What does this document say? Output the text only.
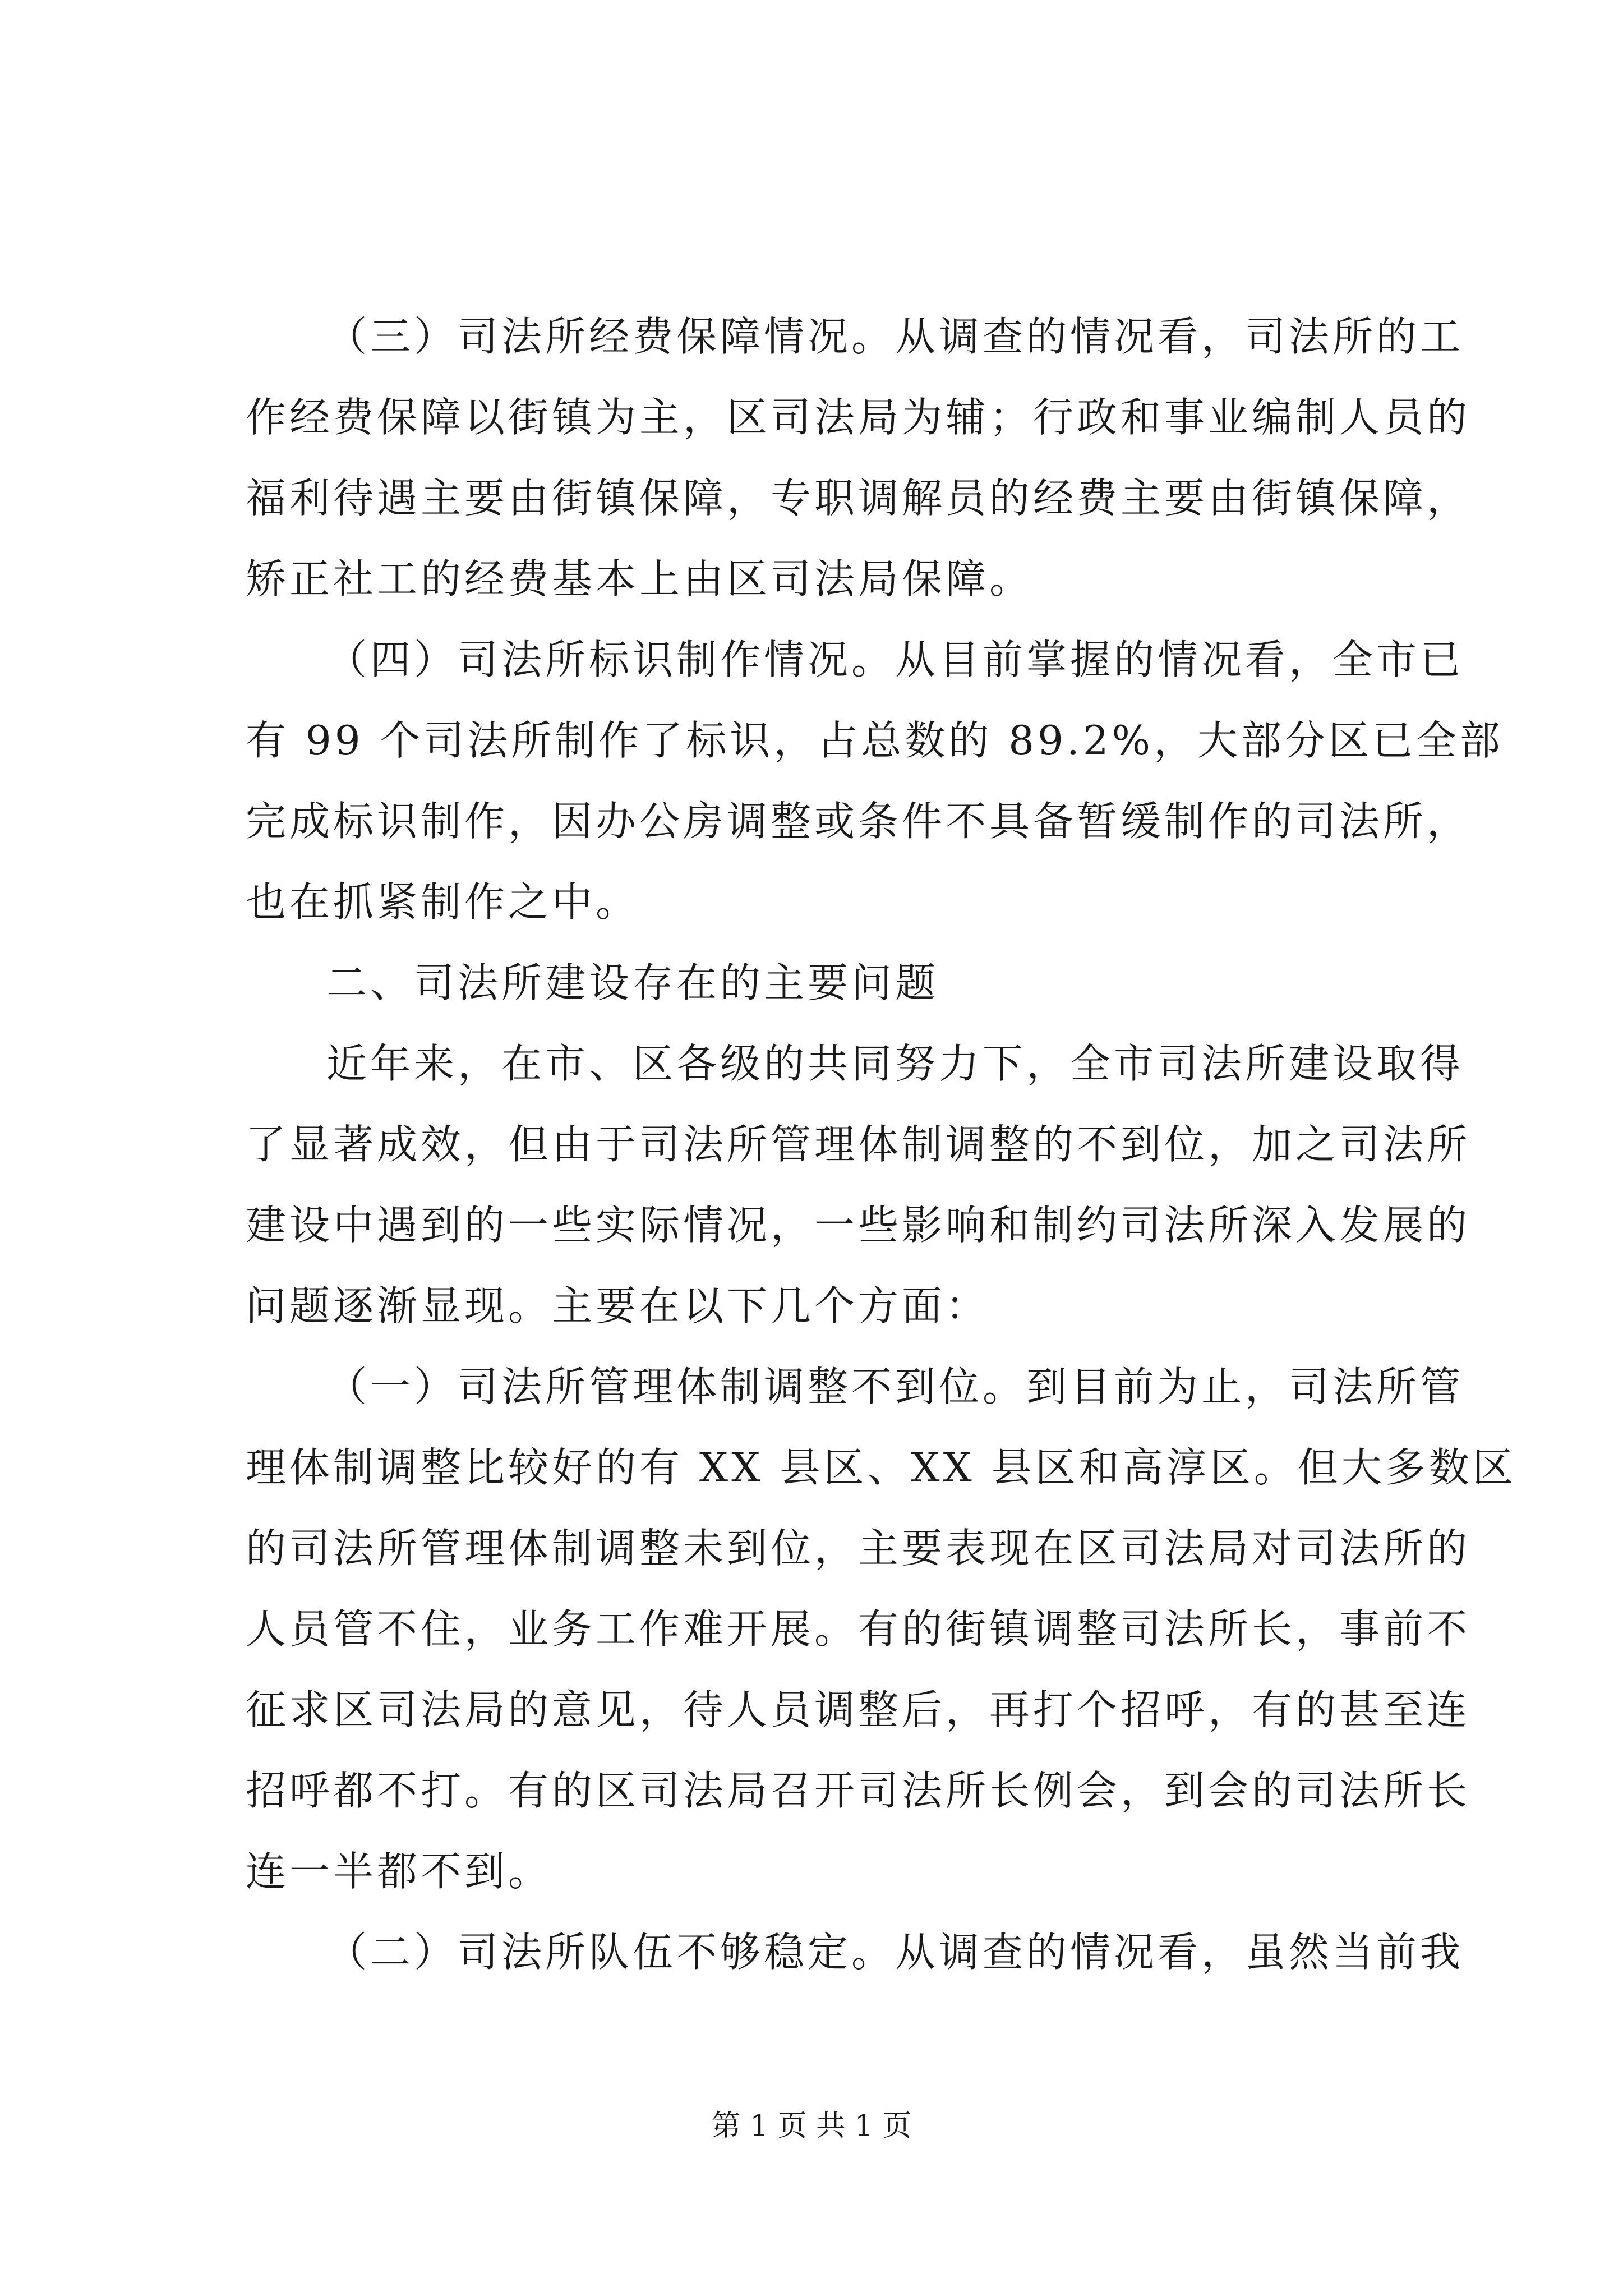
（三）司法所经费保障情况。从调查的情况看，司法所的工
作经费保障以街镇为主，区司法局为辅；行政和事业编制人员的
福利待遇主要由街镇保障，专职调解员的经费主要由街镇保障，
矫正社工的经费基本上由区司法局保障。
（四）司法所标识制作情况。从目前掌握的情况看，全市已
有 99 个司法所制作了标识，占总数的 89.2%，大部分区已全部
完成标识制作，因办公房调整或条件不具备暂缓制作的司法所，
也在抓紧制作之中。
二、司法所建设存在的主要问题
近年来，在市、区各级的共同努力下，全市司法所建设取得
了显著成效，但由于司法所管理体制调整的不到位，加之司法所
建设中遇到的一些实际情况，一些影响和制约司法所深入发展的
问题逐渐显现。主要在以下几个方面：
（一）司法所管理体制调整不到位。到目前为止，司法所管
理体制调整比较好的有 XX 县区、XX 县区和高淳区。但大多数区
的司法所管理体制调整未到位，主要表现在区司法局对司法所的
人员管不住，业务工作难开展。有的街镇调整司法所长，事前不
征求区司法局的意见，待人员调整后，再打个招呼，有的甚至连
招呼都不打。有的区司法局召开司法所长例会，到会的司法所长
连一半都不到。
（二）司法所队伍不够稳定。从调查的情况看，虽然当前我
第 1 页 共 1 页
